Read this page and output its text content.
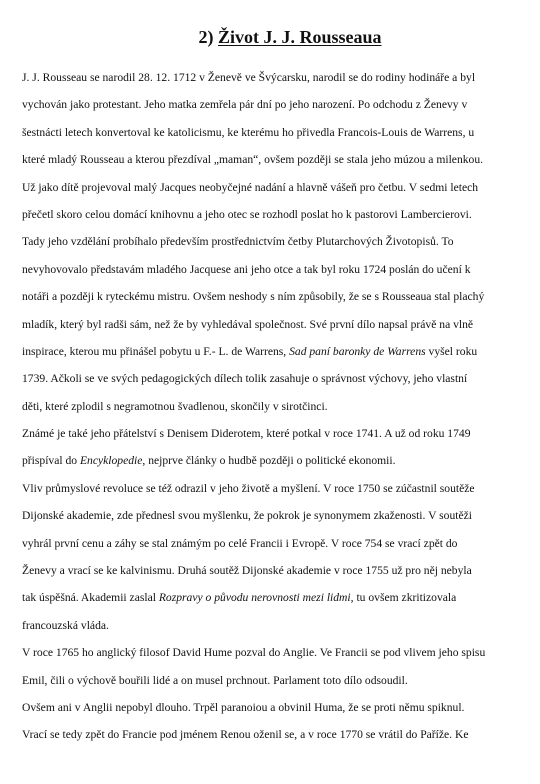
2) Život J. J. Rousseaua
J. J. Rousseau se narodil 28. 12. 1712 v Ženevě ve Švýcarsku, narodil se do rodiny hodináře a byl
vychován jako protestant. Jeho matka zemřela pár dní po jeho narození. Po odchodu z Ženevy v
šestnácti letech konvertoval ke katolicismu, ke kterému ho přivedla Francois-Louis de Warrens, u
které mladý Rousseau a kterou přezdíval „maman“, ovšem později se stala jeho múzou a milenkou.
Už jako dítě projevoval malý Jacques neobyčejné nadání a hlavně vášeň pro četbu. V sedmi letech
přečetl skoro celou domácí knihovnu a jeho otec se rozhodl poslat ho k pastorovi Lambercierovi.
Tady jeho vzdělání probíhalo především prostřednictvím četby Plutarchových Životopisů. To
nevyhovovalo představám mladého Jacquese ani jeho otce a tak byl roku 1724 poslán do učení k
notáři a později k ryteckému mistru. Ovšem neshody s ním způsobily, že se s Rousseaua stal plachý
mladík, který byl radši sám, než že by vyhledával společnost. Své první dílo napsal právě na vlně
inspirace, kterou mu přinášel pobytu u F.- L. de Warrens, Sad paní baronky de Warrens vyšel roku
1739. Ačkoli se ve svých pedagogických dílech tolik zasahuje o správnost výchovy, jeho vlastní
děti, které zplodil s negramotnou švadlenou, skončily v sirotčinci.
Známé je také jeho přátelství s Denisem Diderotem, které potkal v roce 1741. A už od roku 1749
přispíval do Encyklopedie, nejprve články o hudbě později o politické ekonomii.
Vliv průmyslové revoluce se též odrazil v jeho životě a myšlení. V roce 1750 se zúčastnil soutěže
Dijonské akademie, zde přednesl svou myšlenku, že pokrok je synonymem zkaženosti. V soutěži
vyhrál první cenu a záhy se stal známým po celé Francii i Evropě. V roce 754 se vrací zpět do
Ženevy a vrací se ke kalvinismu. Druhá soutěž Dijonské akademie v roce 1755 už pro něj nebyla
tak úspěšná. Akademii zaslal Rozpravy o původu nerovnosti mezi lidmi, tu ovšem zkritizovala
francouzská vláda.
V roce 1765 ho anglický filosof David Hume pozval do Anglie. Ve Francii se pod vlivem jeho spisu
Emil, čili o výchově bouřili lidé a on musel prchnout. Parlament toto dílo odsoudil.
Ovšem ani v Anglii nepobyl dlouho. Trpěl paranoiou a obvinil Huma, že se proti němu spiknul.
Vrací se tedy zpět do Francie pod jménem Renou oženil se, a v roce 1770 se vrátil do Paříže. Ke
